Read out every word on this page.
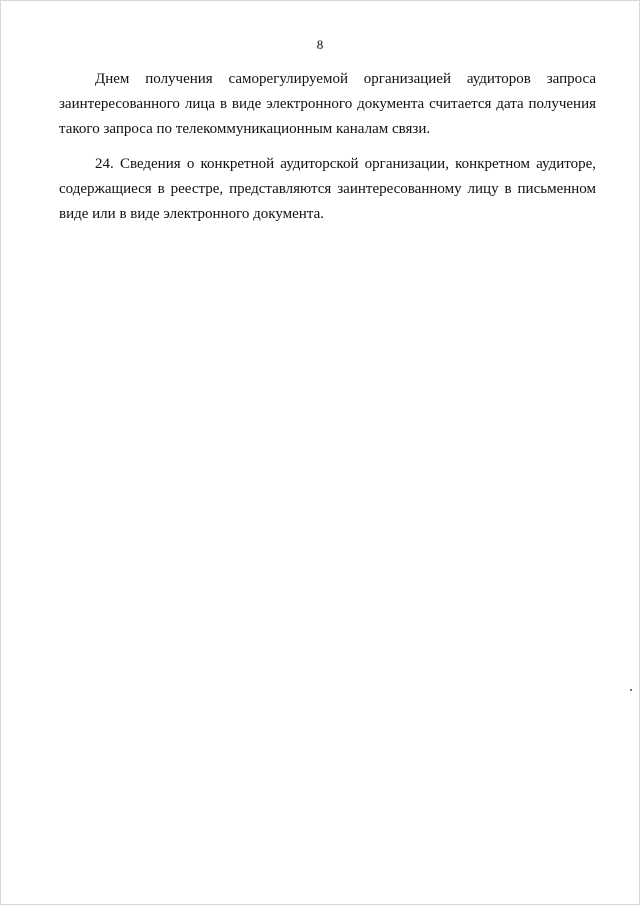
8

Днем получения саморегулируемой организацией аудиторов запроса заинтересованного лица в виде электронного документа считается дата получения такого запроса по телекоммуникационным каналам связи.

24. Сведения о конкретной аудиторской организации, конкретном аудиторе, содержащиеся в реестре, представляются заинтересованному лицу в письменном виде или в виде электронного документа.
